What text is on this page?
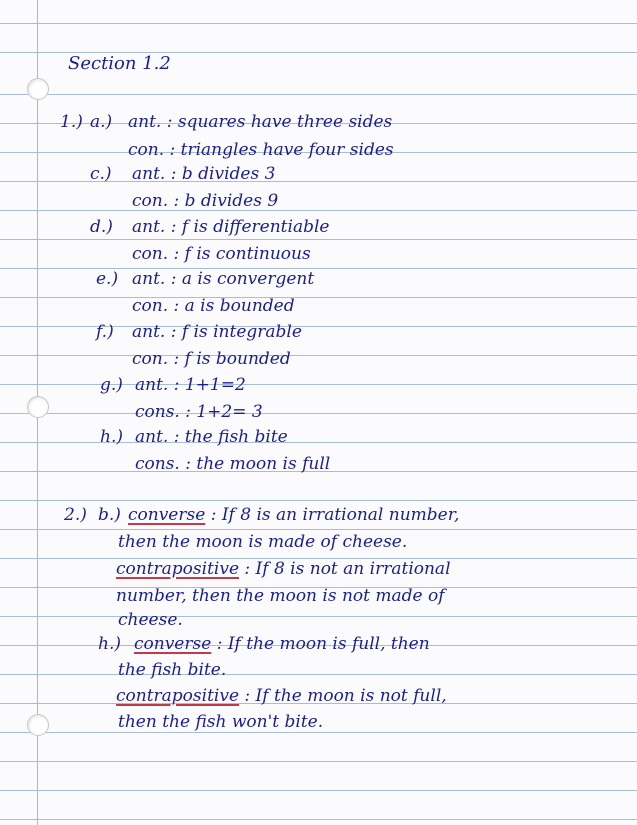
Section 1.2
1.) a.) ant. : squares have three sides
con. : triangles have four sides
c.) ant. : b divides 3
con. : b divides 9
d.) ant. : f is differentiable
con. : f is continuous
e.) ant. : a is convergent
con. : a is bounded
f.) ant. : f is integrable
con. : f is bounded
g.) ant. : 1+1=2
cons. : 1+2= 3
h.) ant. : the fish bite
cons. : the moon is full
2.) b.) converse : If 8 is an irrational number,
then the moon is made of cheese.
contrapositive : If 8 is not an irrational
number, then the moon is not made of
cheese.
h.) converse : If the moon is full, then
the fish bite.
contrapositive : If the moon is not full,
then the fish won't bite.
